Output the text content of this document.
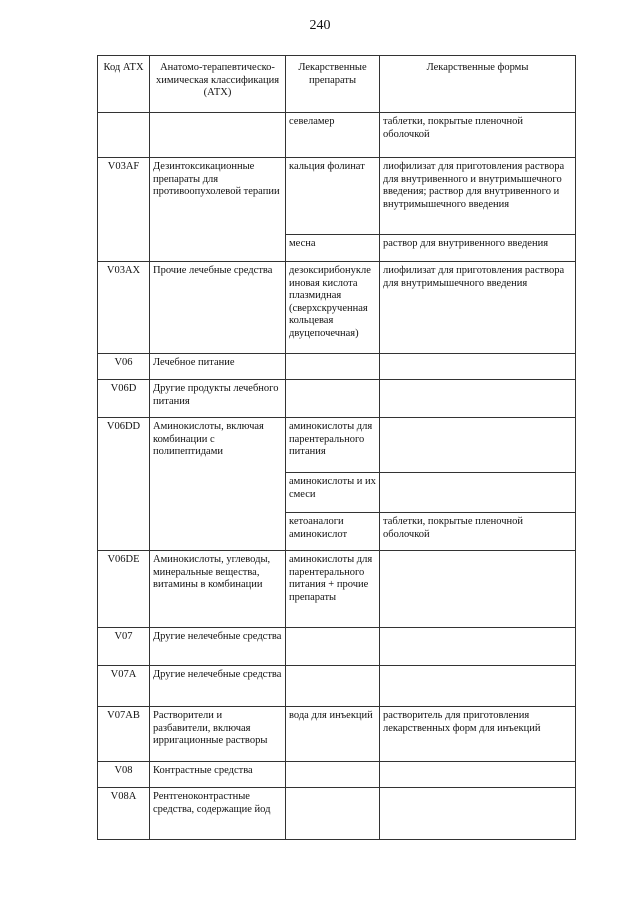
240
Код АТХ	Анатомо-терапевтическо-химическая классификация (АТХ)	Лекарственные препараты	Лекарственные формы
		севеламер	таблетки, покрытые пленочной оболочкой
V03AF	Дезинтоксикационные препараты для противоопухолевой терапии	кальция фолинат	лиофилизат для приготовления раствора для внутривенного и внутримышечного введения; раствор для внутривенного и внутримышечного введения
		месна	раствор для внутривенного введения
V03AX	Прочие лечебные средства	дезоксирибонуклеиновая кислота плазмидная (сверхскрученная кольцевая двуцепочечная)	лиофилизат для приготовления раствора для внутримышечного введения
V06	Лечебное питание		
V06D	Другие продукты лечебного питания		
V06DD	Аминокислоты, включая комбинации с полипептидами	аминокислоты для парентерального питания	
		аминокислоты и их смеси	
		кетоаналоги аминокислот	таблетки, покрытые пленочной оболочкой
V06DE	Аминокислоты, углеводы, минеральные вещества, витамины в комбинации	аминокислоты для парентерального питания + прочие препараты	
V07	Другие нелечебные средства		
V07A	Другие нелечебные средства		
V07AB	Растворители и разбавители, включая ирригационные растворы	вода для инъекций	растворитель для приготовления лекарственных форм для инъекций
V08	Контрастные средства		
V08A	Рентгеноконтрастные средства, содержащие йод		
